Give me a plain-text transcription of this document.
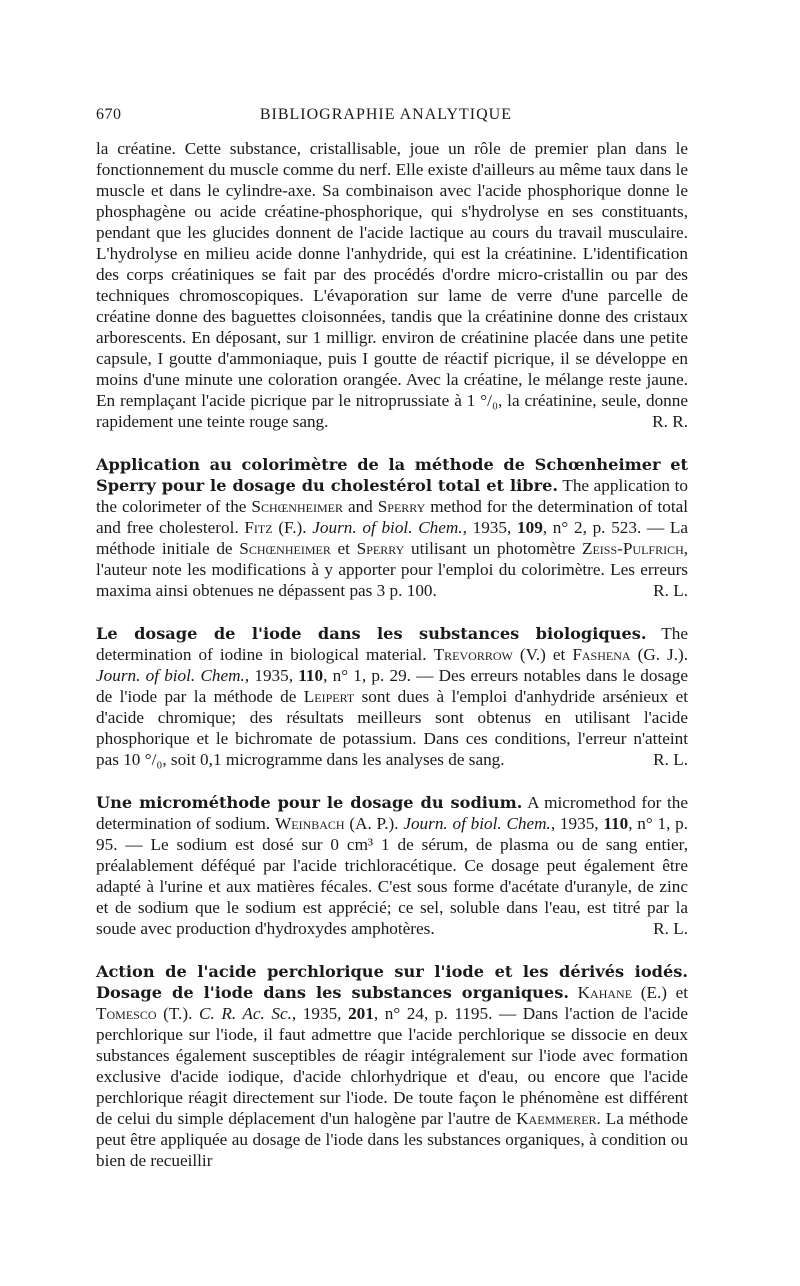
670	BIBLIOGRAPHIE ANALYTIQUE

la créatine. Cette substance, cristallisable, joue un rôle de premier plan dans le fonctionnement du muscle comme du nerf. Elle existe d'ailleurs au même taux dans le muscle et dans le cylindre-axe. Sa combinaison avec l'acide phosphorique donne le phosphagène ou acide créatine-phosphorique, qui s'hydrolyse en ses constituants, pendant que les glucides donnent de l'acide lactique au cours du travail musculaire. L'hydrolyse en milieu acide donne l'anhydride, qui est la créatinine. L'identification des corps créatiniques se fait par des procédés d'ordre micro-cristallin ou par des techniques chromoscopiques. L'évaporation sur lame de verre d'une parcelle de créatine donne des baguettes cloisonnées, tandis que la créatinine donne des cristaux arborescents. En déposant, sur 1 milligr. environ de créatinine placée dans une petite capsule, I goutte d'ammoniaque, puis I goutte de réactif picrique, il se développe en moins d'une minute une coloration orangée. Avec la créatine, le mélange reste jaune. En remplaçant l'acide picrique par le nitroprussiate à 1 °/₀, la créatinine, seule, donne rapidement une teinte rouge sang.	R. R.

Application au colorimètre de la méthode de Schœnheimer et Sperry pour le dosage du cholestérol total et libre. The application to the colorimeter of the Schœnheimer and Sperry method for the determination of total and free cholesterol. Fitz (F.). Journ. of biol. Chem., 1935, 109, n° 2, p. 523. — La méthode initiale de Schœnheimer et Sperry utilisant un photomètre Zeiss-Pulfrich, l'auteur note les modifications à y apporter pour l'emploi du colorimètre. Les erreurs maxima ainsi obtenues ne dépassent pas 3 p. 100.	R. L.

Le dosage de l'iode dans les substances biologiques. The determination of iodine in biological material. Trevorrow (V.) et Fashena (G. J.). Journ. of biol. Chem., 1935, 110, n° 1, p. 29. — Des erreurs notables dans le dosage de l'iode par la méthode de Leipert sont dues à l'emploi d'anhydride arsénieux et d'acide chromique; des résultats meilleurs sont obtenus en utilisant l'acide phosphorique et le bichromate de potassium. Dans ces conditions, l'erreur n'atteint pas 10 °/₀, soit 0,1 microgramme dans les analyses de sang.	R. L.

Une microméthode pour le dosage du sodium. A micromethod for the determination of sodium. Weinbach (A. P.). Journ. of biol. Chem., 1935, 110, n° 1, p. 95. — Le sodium est dosé sur 0 cm³ 1 de sérum, de plasma ou de sang entier, préalablement déféqué par l'acide trichloracétique. Ce dosage peut également être adapté à l'urine et aux matières fécales. C'est sous forme d'acétate d'uranyle, de zinc et de sodium que le sodium est apprécié; ce sel, soluble dans l'eau, est titré par la soude avec production d'hydroxydes amphotères.	R. L.

Action de l'acide perchlorique sur l'iode et les dérivés iodés. Dosage de l'iode dans les substances organiques. Kahane (E.) et Tomesco (T.). C. R. Ac. Sc., 1935, 201, n° 24, p. 1195. — Dans l'action de l'acide perchlorique sur l'iode, il faut admettre que l'acide perchlorique se dissocie en deux substances également susceptibles de réagir intégralement sur l'iode avec formation exclusive d'acide iodique, d'acide chlorhydrique et d'eau, ou encore que l'acide perchlorique réagit directement sur l'iode. De toute façon le phénomène est différent de celui du simple déplacement d'un halogène par l'autre de Kaemmerer. La méthode peut être appliquée au dosage de l'iode dans les substances organiques, à condition ou bien de recueillir
